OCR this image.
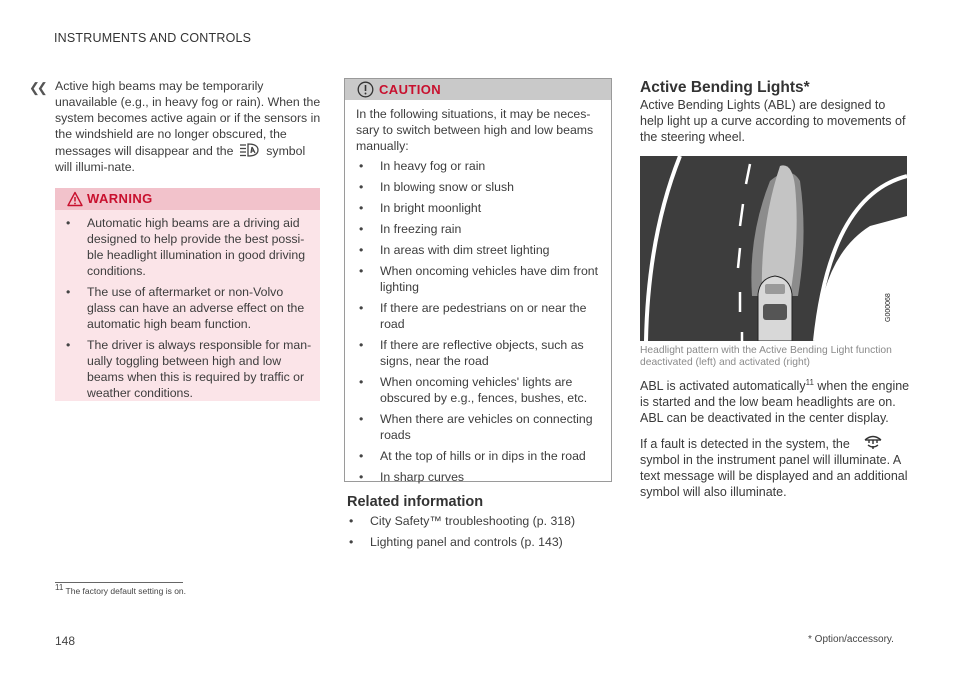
INSTRUMENTS AND CONTROLS
❮❮ Active high beams may be temporarily unavailable (e.g., in heavy fog or rain). When the system becomes active again or if the sensors in the windshield are no longer obscured, the messages will disappear and the	symbol will illumi-nate.
WARNING
• Automatic high beams are a driving aid designed to help provide the best possi-ble headlight illumination in good driving conditions.
• The use of aftermarket or non-Volvo glass can have an adverse effect on the automatic high beam function.
• The driver is always responsible for man-ually toggling between high and low beams when this is required by traffic or weather conditions.
CAUTION
In the following situations, it may be neces-sary to switch between high and low beams manually:
• In heavy fog or rain
• In blowing snow or slush
• In bright moonlight
• In freezing rain
• In areas with dim street lighting
• When oncoming vehicles have dim front lighting
• If there are pedestrians on or near the road
• If there are reflective objects, such as signs, near the road
• When oncoming vehicles' lights are obscured by e.g., fences, bushes, etc.
• When there are vehicles on connecting roads
• At the top of hills or in dips in the road
• In sharp curves
Related information
• City Safety™ troubleshooting (p. 318)
• Lighting panel and controls (p. 143)
Active Bending Lights*
Active Bending Lights (ABL) are designed to help light up a curve according to movements of the steering wheel.
G000068
Headlight pattern with the Active Bending Light function deactivated (left) and activated (right)
ABL is activated automatically$^{11}$ when the engine is started and the low beam headlights are on. ABL can be deactivated in the center display.
If a fault is detected in the system, the  symbol in the instrument panel will illuminate. A text message will be displayed and an additional symbol will also illuminate.
$^{11}$ The factory default setting is on.
148	* Option/accessory.
